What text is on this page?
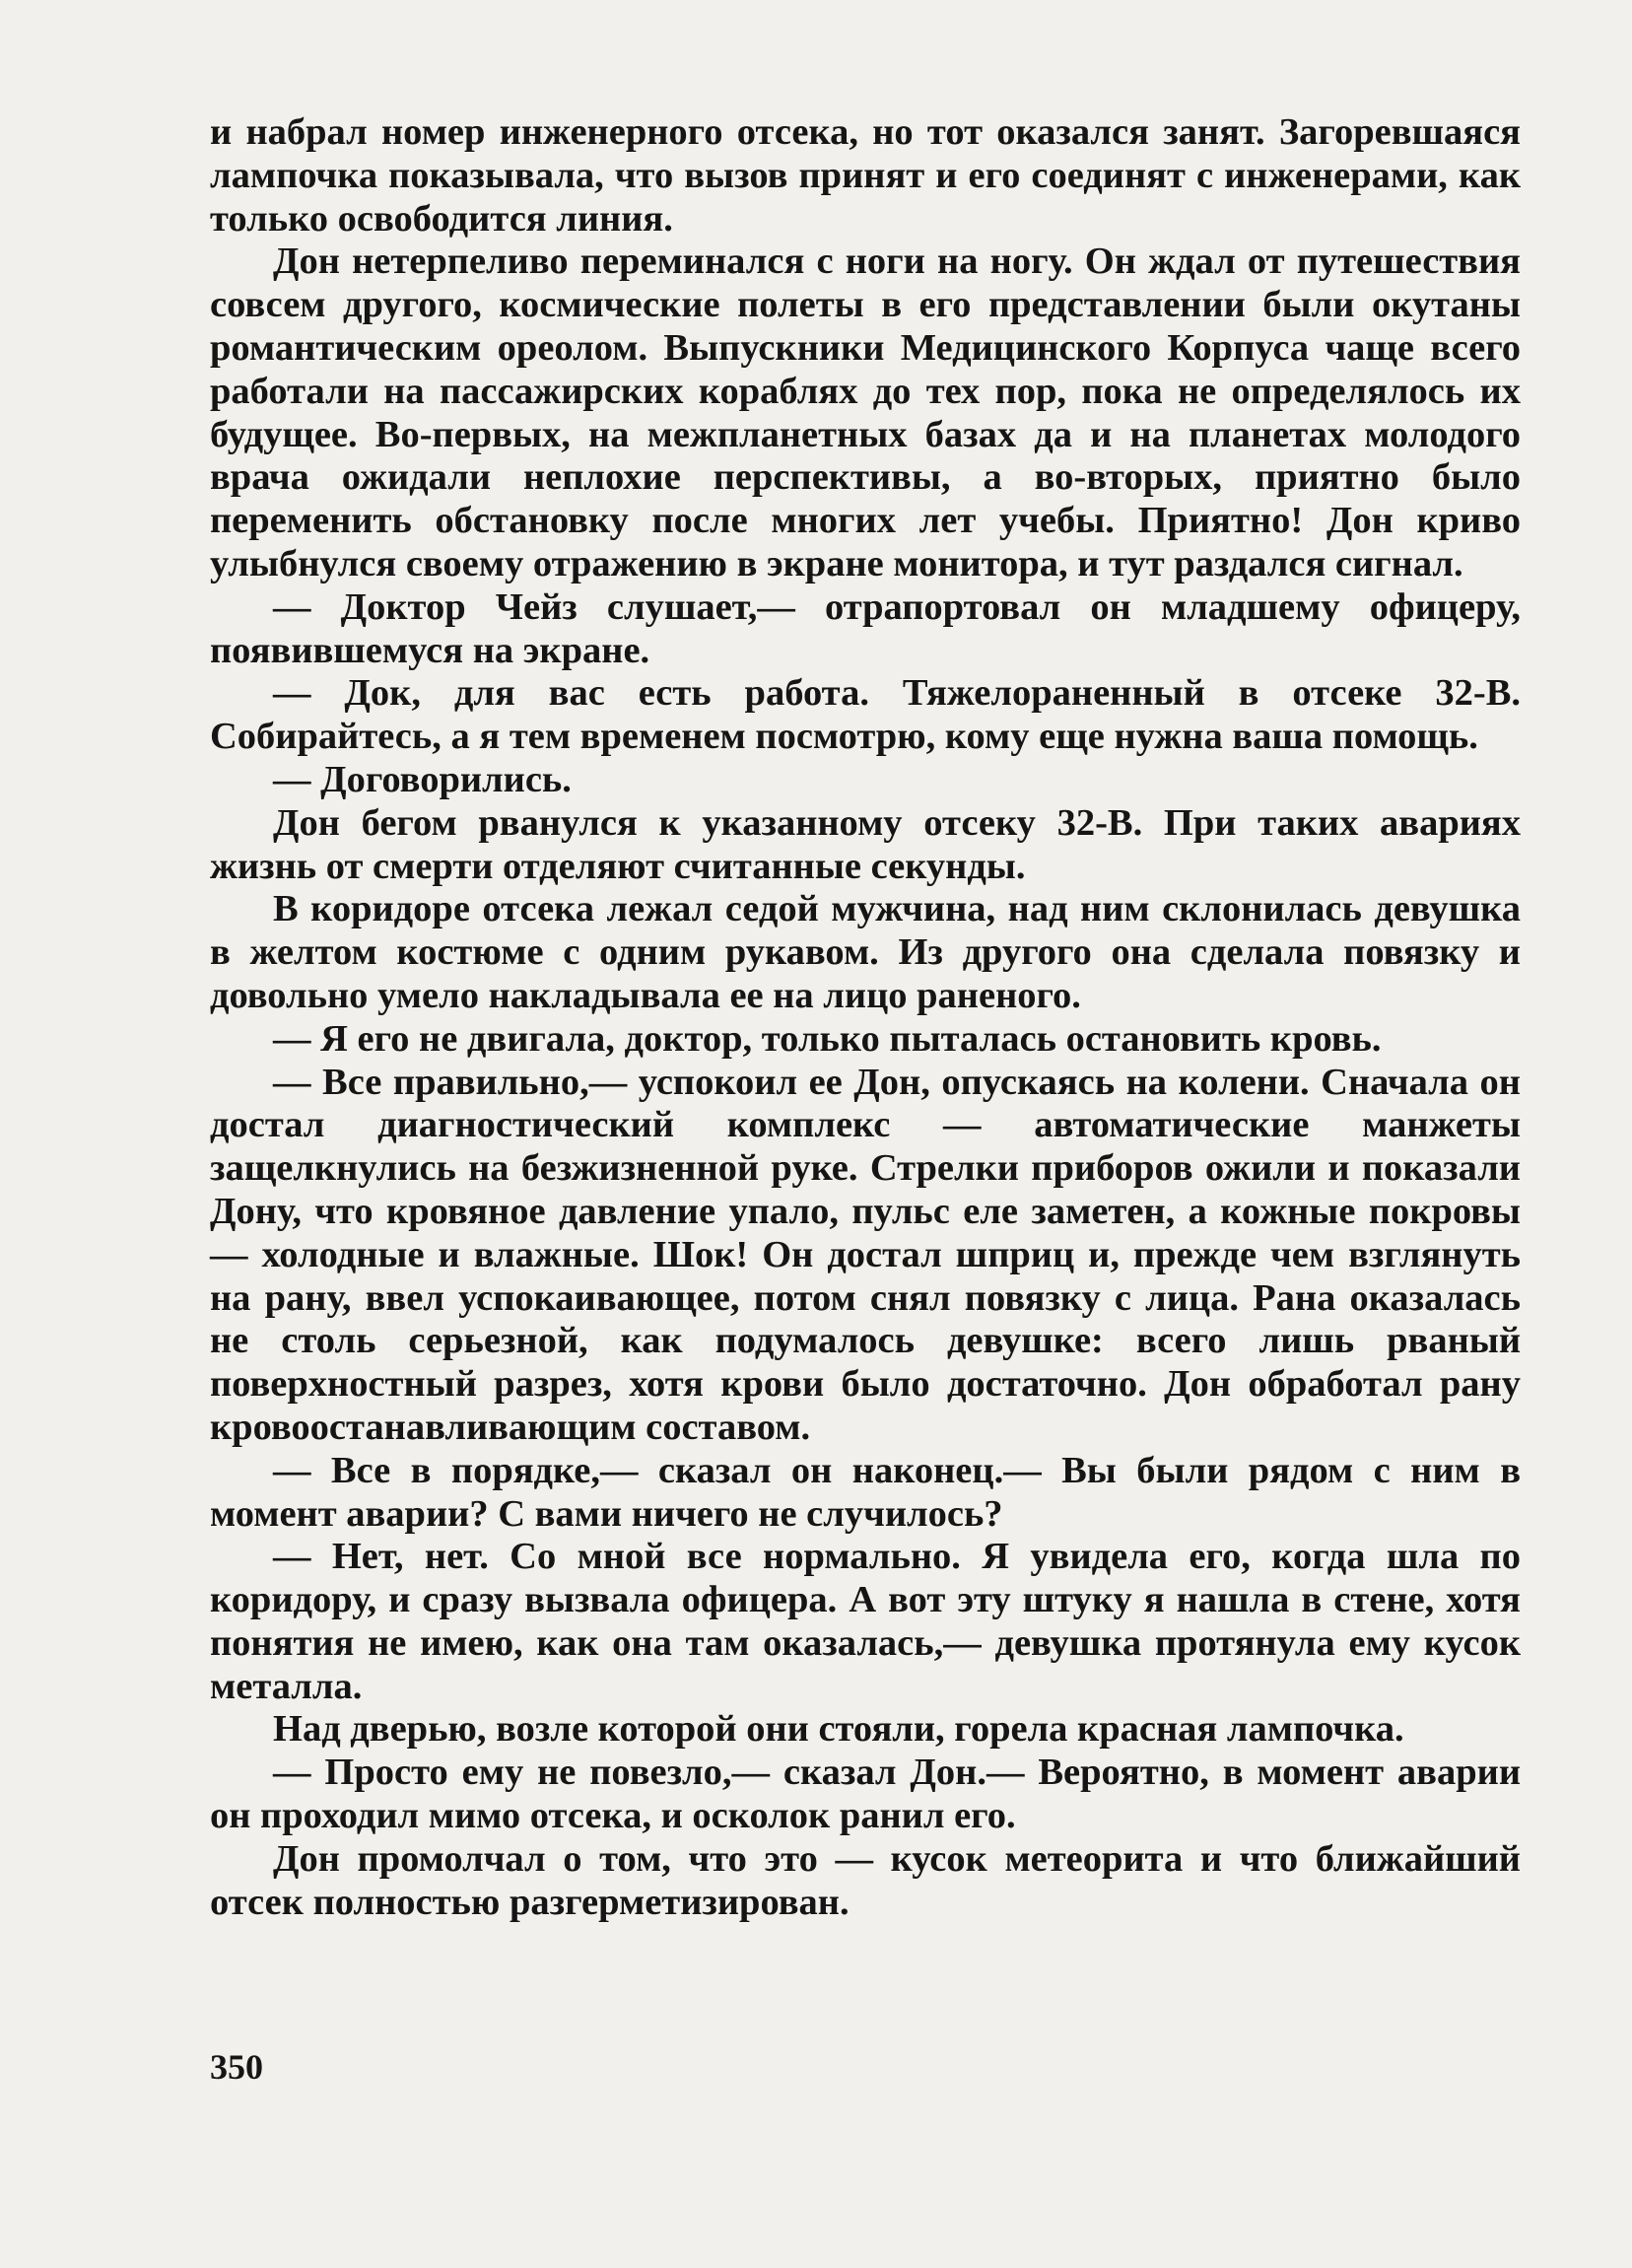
и набрал номер инженерного отсека, но тот оказался занят. Загоревшаяся лампочка показывала, что вызов принят и его соединят с инженерами, как только освободится линия.

Дон нетерпеливо переминался с ноги на ногу. Он ждал от путешествия совсем другого, космические полеты в его представлении были окутаны романтическим ореолом. Выпускники Медицинского Корпуса чаще всего работали на пассажирских кораблях до тех пор, пока не определялось их будущее. Во-первых, на межпланетных базах да и на планетах молодого врача ожидали неплохие перспективы, а во-вторых, приятно было переменить обстановку после многих лет учебы. Приятно! Дон криво улыбнулся своему отражению в экране монитора, и тут раздался сигнал.

— Доктор Чейз слушает,— отрапортовал он младшему офицеру, появившемуся на экране.

— Док, для вас есть работа. Тяжелораненный в отсеке 32-В. Собирайтесь, а я тем временем посмотрю, кому еще нужна ваша помощь.

— Договорились.

Дон бегом рванулся к указанному отсеку 32-В. При таких авариях жизнь от смерти отделяют считанные секунды.

В коридоре отсека лежал седой мужчина, над ним склонилась девушка в желтом костюме с одним рукавом. Из другого она сделала повязку и довольно умело накладывала ее на лицо раненого.

— Я его не двигала, доктор, только пыталась остановить кровь.

— Все правильно,— успокоил ее Дон, опускаясь на колени. Сначала он достал диагностический комплекс — автоматические манжеты защелкнулись на безжизненной руке. Стрелки приборов ожили и показали Дону, что кровяное давление упало, пульс еле заметен, а кожные покровы — холодные и влажные. Шок! Он достал шприц и, прежде чем взглянуть на рану, ввел успокаивающее, потом снял повязку с лица. Рана оказалась не столь серьезной, как подумалось девушке: всего лишь рваный поверхностный разрез, хотя крови было достаточно. Дон обработал рану кровоостанавливающим составом.

— Все в порядке,— сказал он наконец.— Вы были рядом с ним в момент аварии? С вами ничего не случилось?

— Нет, нет. Со мной все нормально. Я увидела его, когда шла по коридору, и сразу вызвала офицера. А вот эту штуку я нашла в стене, хотя понятия не имею, как она там оказалась,— девушка протянула ему кусок металла.

Над дверью, возле которой они стояли, горела красная лампочка.

— Просто ему не повезло,— сказал Дон.— Вероятно, в момент аварии он проходил мимо отсека, и осколок ранил его.

Дон промолчал о том, что это — кусок метеорита и что ближайший отсек полностью разгерметизирован.

350
